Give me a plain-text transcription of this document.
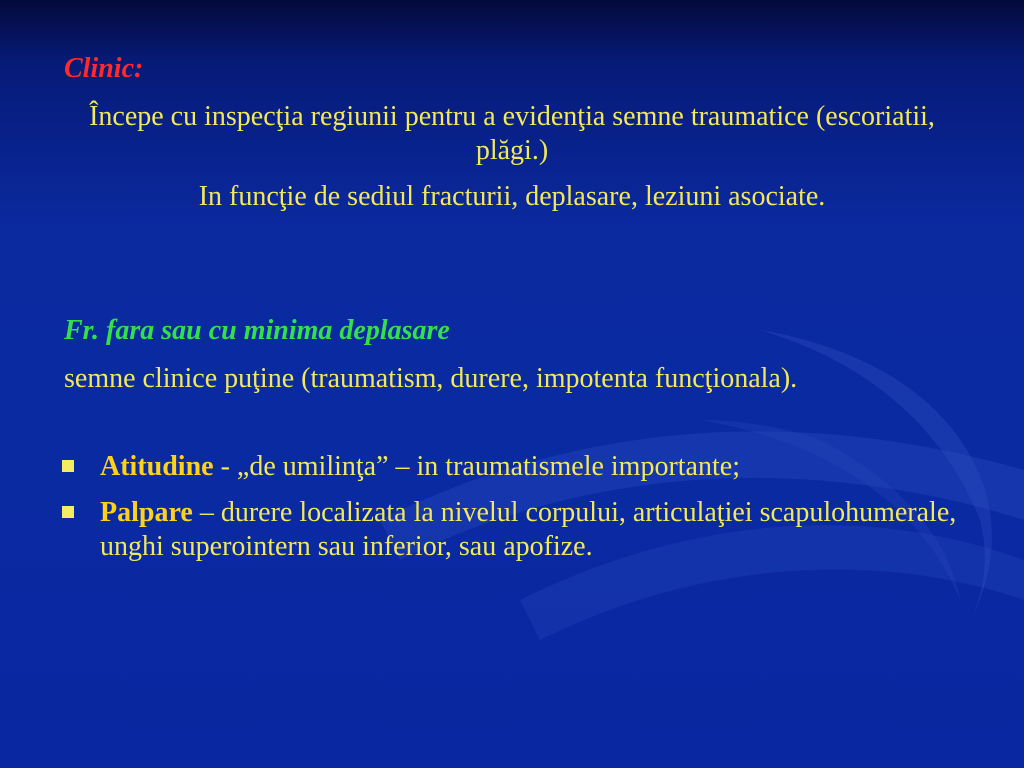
Clinic:

Începe cu inspecţia regiunii pentru a evidenţia semne traumatice (escoriatii, plăgi.)

In funcţie de sediul fracturii, deplasare, leziuni asociate.

Fr. fara sau cu minima deplasare

semne clinice puţine (traumatism, durere, impotenta funcţionala).

Atitudine - „de umilinţa” – in traumatismele importante;
Palpare – durere localizata la nivelul corpului, articulaţiei scapulohumerale, unghi superointern sau inferior, sau apofize.
